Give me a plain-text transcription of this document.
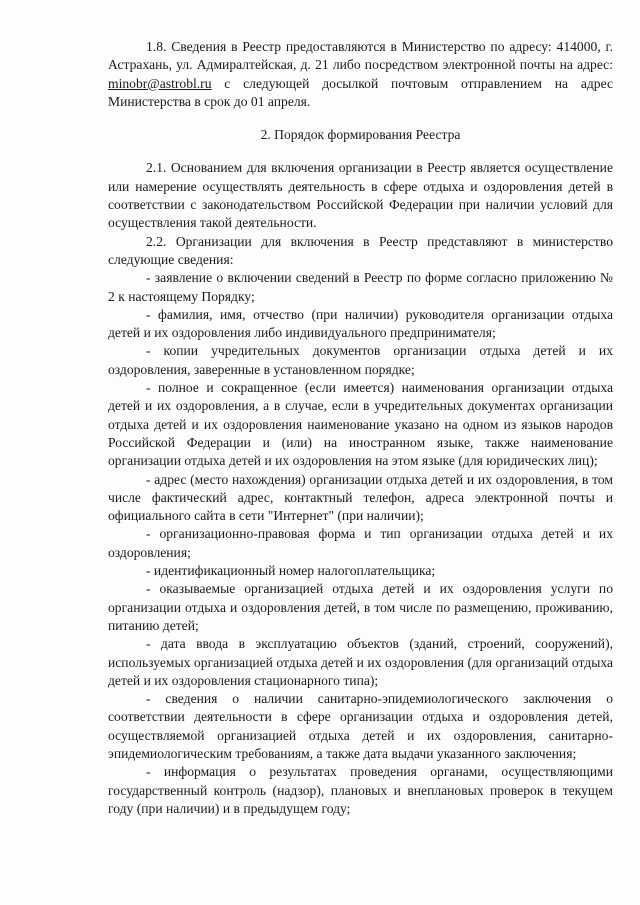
1.8. Сведения в Реестр предоставляются в Министерство по адресу: 414000, г. Астрахань, ул. Адмиралтейская, д. 21 либо посредством электронной почты на адрес: minobr@astrobl.ru с следующей досылкой почтовым отправлением на адрес Министерства в срок до 01 апреля.

2. Порядок формирования Реестра

2.1. Основанием для включения организации в Реестр является осуществление или намерение осуществлять деятельность в сфере отдыха и оздоровления детей в соответствии с законодательством Российской Федерации при наличии условий для осуществления такой деятельности.

2.2. Организации для включения в Реестр представляют в министерство следующие сведения:

- заявление о включении сведений в Реестр по форме согласно приложению № 2 к настоящему Порядку;

- фамилия, имя, отчество (при наличии) руководителя организации отдыха детей и их оздоровления либо индивидуального предпринимателя;

- копии учредительных документов организации отдыха детей и их оздоровления, заверенные в установленном порядке;

- полное и сокращенное (если имеется) наименования организации отдыха детей и их оздоровления, а в случае, если в учредительных документах организации отдыха детей и их оздоровления наименование указано на одном из языков народов Российской Федерации и (или) на иностранном языке, также наименование организации отдыха детей и их оздоровления на этом языке (для юридических лиц);

- адрес (место нахождения) организации отдыха детей и их оздоровления, в том числе фактический адрес, контактный телефон, адреса электронной почты и официального сайта в сети "Интернет" (при наличии);

- организационно-правовая форма и тип организации отдыха детей и их оздоровления;

- идентификационный номер налогоплательщика;

- оказываемые организацией отдыха детей и их оздоровления услуги по организации отдыха и оздоровления детей, в том числе по размещению, проживанию, питанию детей;

- дата ввода в эксплуатацию объектов (зданий, строений, сооружений), используемых организацией отдыха детей и их оздоровления (для организаций отдыха детей и их оздоровления стационарного типа);

- сведения о наличии санитарно-эпидемиологического заключения о соответствии деятельности в сфере организации отдыха и оздоровления детей, осуществляемой организацией отдыха детей и их оздоровления, санитарно-эпидемиологическим требованиям, а также дата выдачи указанного заключения;

- информация о результатах проведения органами, осуществляющими государственный контроль (надзор), плановых и внеплановых проверок в текущем году (при наличии) и в предыдущем году;
